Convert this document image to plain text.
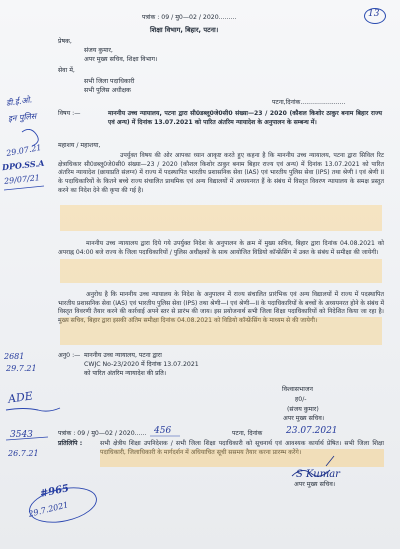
पत्रांक : 09 / मु0—02 / 2020.........
शिक्षा विभाग, बिहार, पटना।
13
प्रेषक,
संजय कुमार,
अपर मुख्य सचिव, शिक्षा विभाग।
सेवा में,
सभी जिला पदाधिकारी
सभी पुलिस अधीक्षक
पटना,दिनांक.......................
विषय :—	माननीय उच्च न्यायालय, पटना द्वारा सी0डब्लू0जे0सी0 संख्या—23 / 2020 (कौशल किशोर ठाकुर बनाम बिहार राज्य एवं अन्य) में दिनांक 13.07.2021 को पारित अंतरिम न्यायादेश के अनुपालन के सम्बन्ध में।
महाशय / महाशया,
उपर्युक्त विषय की ओर आपका ध्यान आकृष्ट करते हुए कहना है कि माननीय उच्च न्यायालय, पटना द्वारा सिविल रिट क्षेत्राधिकार सी0डब्लू0जे0सी0 संख्या—23 / 2020 (कौशल किशोर ठाकुर बनाम बिहार राज्य एवं अन्य) में दिनांक 13.07.2021 को पारित अंतरिम न्यायादेश (छायाप्रति संलग्न) में राज्य में पदस्थापित भारतीय प्रशासनिक सेवा (IAS) एवं भारतीय पुलिस सेवा (IPS) तथा श्रेणी I एवं श्रेणी II के पदाधिकारियों के कितने बच्चे राज्य संचालित प्राथमिक एवं अन्य विद्यालयों में अध्ययनरत हैं के संबंध में विस्तृत विवरण न्यायालय के समक्ष प्रस्तुत करने का निदेश देने की कृपा की गई है।
माननीय उच्च न्यायालय द्वारा दिये गये उपर्युक्त निदेश के अनुपालन के क्रम में मुख्य सचिव, बिहार द्वारा दिनांक 04.08.2021 को अपराह्न 04:00 बजे राज्य के जिला पदाधिकारियों / पुलिस अधीक्षकों के साथ आयोजित विडियो कॉन्फ्रेंसिंग में उक्त के संबंध में समीक्षा की जायेगी।
अनुरोध है कि माननीय उच्च न्यायालय के निदेश के अनुपालन में राज्य संचालित प्रारंभिक एवं अन्य विद्यालयों में राज्य में पदस्थापित भारतीय प्रशासनिक सेवा (IAS) एवं भारतीय पुलिस सेवा (IPS) तथा श्रेणी—I एवं श्रेणी—II के पदाधिकारियों के बच्चों के अध्ययनरत होने के संबंध में विस्तृत विवरणी तैयार करने की कार्रवाई अपने स्तर से प्रारंभ की जाय। इस प्रयोजनार्थ सभी जिला शिक्षा पदाधिकारियों को निदेशित किया जा रहा है। मुख्य सचिव, बिहार द्वारा इसकी अंतिम समीक्षा दिनांक 04.08.2021 को विडियो कॉन्फ्रेंसिंग के माध्यम से की जायेगी।
अनु0 :— माननीय उच्च न्यायालय, पटना द्वारा
CWJC No-23/2020 में दिनांक 13.07.2021
को पारित अंतरिम न्यायादेश की प्रति।
विश्वासभाजन
ह0/-
(संजय कुमार)
अपर मुख्य सचिव।
पत्रांक : 09 / मु0—02 / 2020...... 456	पटना, दिनांक	23.07.2021
प्रतिलिपि :	सभी क्षेत्रीय शिक्षा उपनिदेशक / सभी जिला शिक्षा पदाधिकारी को सूचनार्थ एवं आवश्यक कार्यार्थ प्रेषित। सभी जिला शिक्षा पदाधिकारी, जिलाधिकारी के मार्गदर्शन में अधियाचित सूची ससमय तैयार करना प्रारम्भ करेंगे।
S Kumar
अपर मुख्य सचिव।
डी.ई.ओ.
इन पुलिस
29.07.21
DPO.SS.A
29/07/21
2681
29.7.21
ADE
3543
26.7.21
#965
29.7.2021
